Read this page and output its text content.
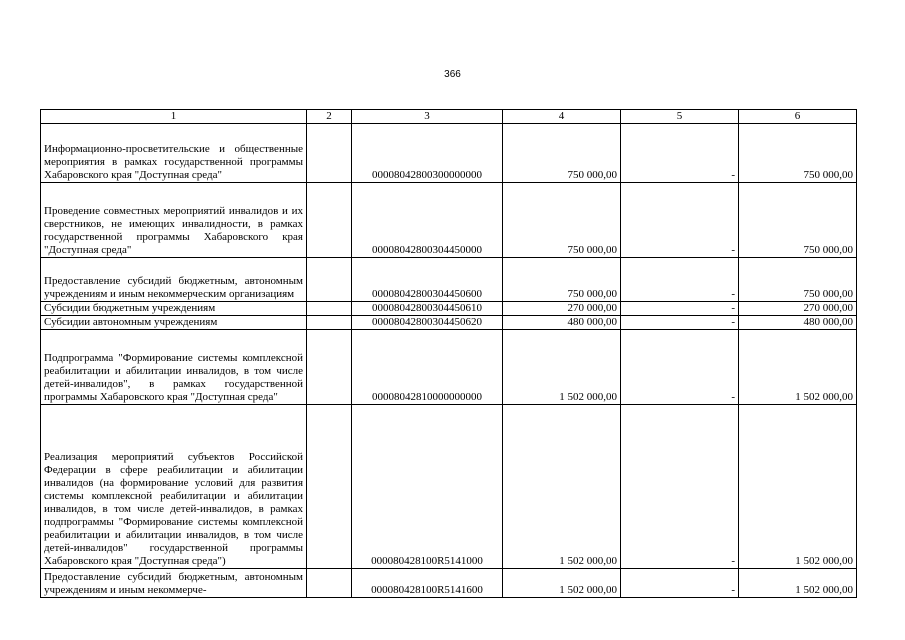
366
1	2	3	4	5	6
Информационно-просветительские и общественные мероприятия в рамках государственной программы Хабаровского края "Доступная среда"		00008042800300000000	750 000,00	-	750 000,00
Проведение совместных мероприятий инвалидов и их сверстников, не имеющих инвалидности, в рамках государственной программы Хабаровского края "Доступная среда"		00008042800304450000	750 000,00	-	750 000,00
Предоставление субсидий бюджетным, автономным учреждениям и иным некоммерческим организациям		00008042800304450600	750 000,00	-	750 000,00
Субсидии бюджетным учреждениям		00008042800304450610	270 000,00	-	270 000,00
Субсидии автономным учреждениям		00008042800304450620	480 000,00	-	480 000,00
Подпрограмма "Формирование системы комплексной реабилитации и абилитации инвалидов, в том числе детей-инвалидов", в рамках государственной программы Хабаровского края "Доступная среда"		00008042810000000000	1 502 000,00	-	1 502 000,00
Реализация мероприятий субъектов Российской Федерации в сфере реабилитации и абилитации инвалидов (на формирование условий для развития системы комплексной реабилитации и абилитации инвалидов, в том числе детей-инвалидов, в рамках подпрограммы "Формирование системы комплексной реабилитации и абилитации инвалидов, в том числе детей-инвалидов" государственной программы Хабаровского края "Доступная среда")		000080428100R5141000	1 502 000,00	-	1 502 000,00
Предоставление субсидий бюджетным, автономным учреждениям и иным некоммерче-		000080428100R5141600	1 502 000,00	-	1 502 000,00
